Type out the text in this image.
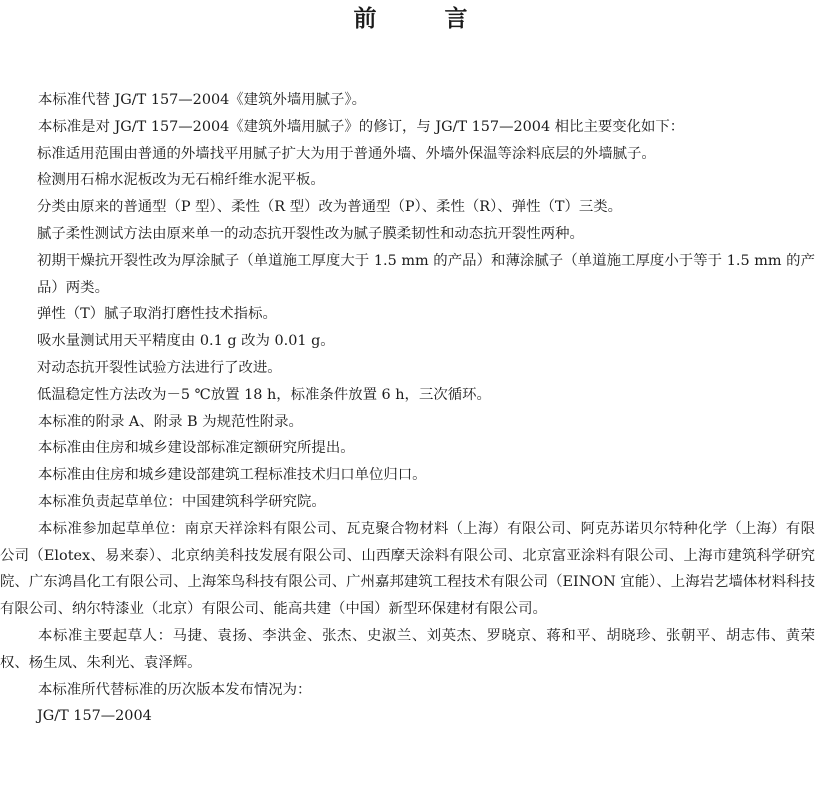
前 言

本标准代替 JG/T 157—2004《建筑外墙用腻子》。

本标准是对 JG/T 157—2004《建筑外墙用腻子》的修订，与 JG/T 157—2004 相比主要变化如下：

标准适用范围由普通的外墙找平用腻子扩大为用于普通外墙、外墙外保温等涂料底层的外墙腻子。

检测用石棉水泥板改为无石棉纤维水泥平板。

分类由原来的普通型（P 型）、柔性（R 型）改为普通型（P）、柔性（R）、弹性（T）三类。

腻子柔性测试方法由原来单一的动态抗开裂性改为腻子膜柔韧性和动态抗开裂性两种。

初期干燥抗开裂性改为厚涂腻子（单道施工厚度大于 1.5 mm 的产品）和薄涂腻子（单道施工厚度小于等于 1.5 mm 的产品）两类。

弹性（T）腻子取消打磨性技术指标。

吸水量测试用天平精度由 0.1 g 改为 0.01 g。

对动态抗开裂性试验方法进行了改进。

低温稳定性方法改为－5 ℃放置 18 h，标准条件放置 6 h，三次循环。

本标准的附录 A、附录 B 为规范性附录。

本标准由住房和城乡建设部标准定额研究所提出。

本标准由住房和城乡建设部建筑工程标准技术归口单位归口。

本标准负责起草单位：中国建筑科学研究院。

本标准参加起草单位：南京天祥涂料有限公司、瓦克聚合物材料（上海）有限公司、阿克苏诺贝尔特种化学（上海）有限公司（Elotex、易来泰）、北京纳美科技发展有限公司、山西摩天涂料有限公司、北京富亚涂料有限公司、上海市建筑科学研究院、广东鸿昌化工有限公司、上海笨鸟科技有限公司、广州嘉邦建筑工程技术有限公司（EINON 宜能）、上海岩艺墙体材料科技有限公司、纳尔特漆业（北京）有限公司、能高共建（中国）新型环保建材有限公司。

本标准主要起草人：马捷、袁扬、李洪金、张杰、史淑兰、刘英杰、罗晓京、蒋和平、胡晓珍、张朝平、胡志伟、黄荣权、杨生凤、朱利光、袁泽辉。

本标准所代替标准的历次版本发布情况为：

JG/T 157—2004
